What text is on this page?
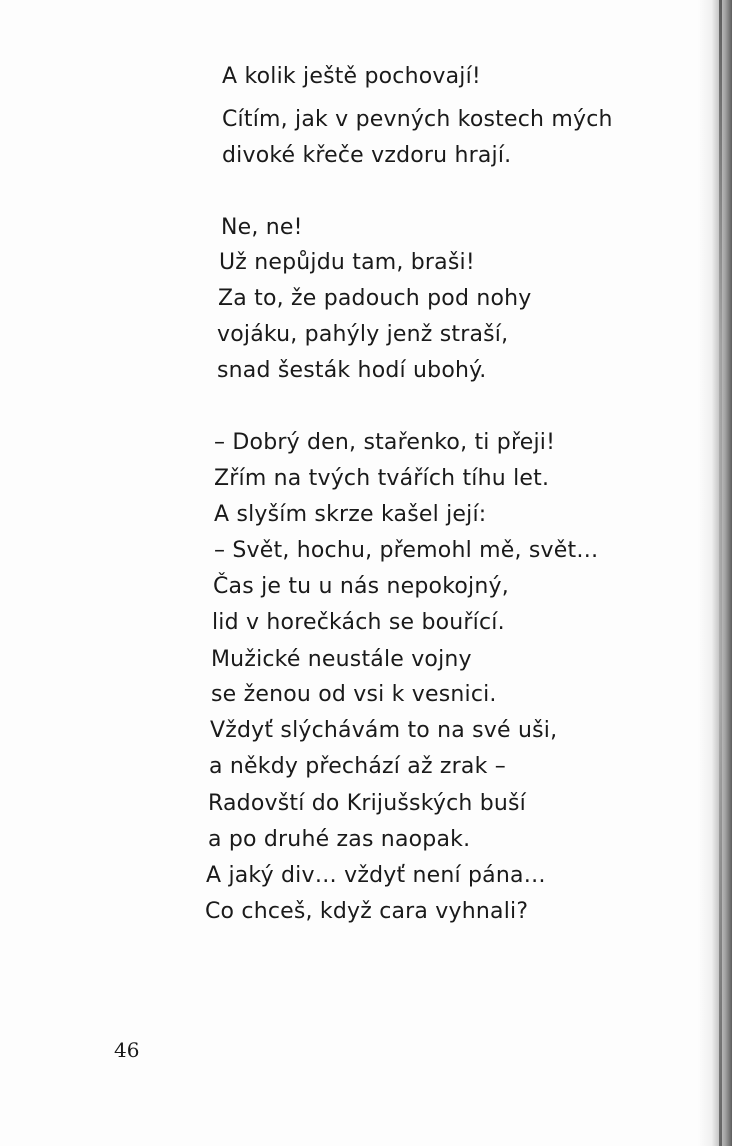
A kolik ještě pochovají!
Cítím, jak v pevných kostech mých
divoké křeče vzdoru hrají.
Ne, ne!
Už nepůjdu tam, braši!
Za to, že padouch pod nohy
vojáku, pahýly jenž straší,
snad šesták hodí ubohý.
– Dobrý den, stařenko, ti přeji!
Zřím na tvých tvářích tíhu let.
A slyším skrze kašel její:
– Svět, hochu, přemohl mě, svět…
Čas je tu u nás nepokojný,
lid v horečkách se bouřící.
Mužické neustále vojny
se ženou od vsi k vesnici.
Vždyť slýchávám to na své uši,
a někdy přechází až zrak –
Radovští do Krijušských buší
a po druhé zas naopak.
A jaký div… vždyť není pána…
Co chceš, když cara vyhnali?
46
